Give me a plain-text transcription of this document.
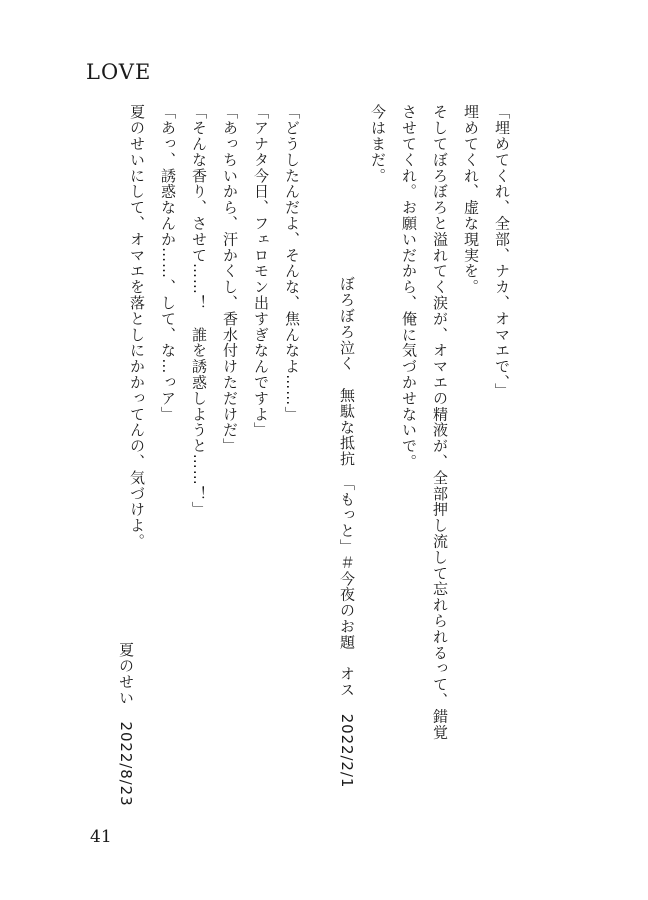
LOVE
「埋めてくれ、全部、ナカ、オマエで、」
埋めてくれ、虚な現実を。
そしてぼろぼろと溢れてく涙が、オマエの精液が、全部押し流して忘れられるって、錯覚
させてくれ。お願いだから、俺に気づかせないで。
今はまだ。
ぼろぼろ泣く　無駄な抵抗　「もっと」＃今夜のお題　オス　2022/2/1
「どうしたんだよ、そんな、焦んなよ……」
「アナタ今日、フェロモン出すぎなんですよ」
「あっちいから、汗かくし、香水付けただけだ」
「そんな香り、させて……！　誰を誘惑しようと……！」
「あっ、誘惑なんか……、して、な…っア」
夏のせいにして、オマエを落としにかかってんの、気づけよ。
夏のせい　2022/8/23
41
